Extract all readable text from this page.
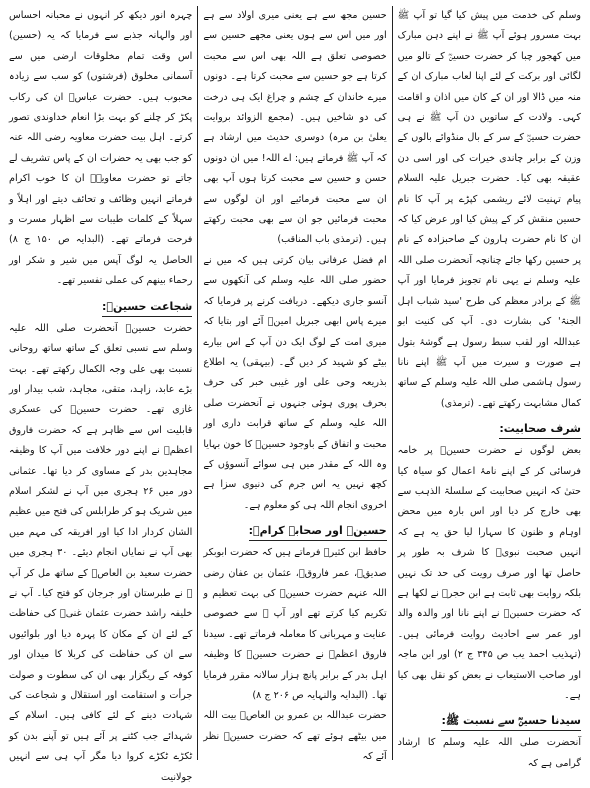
وسلم کی خدمت میں پیش کیا گیا تو آپ ﷺ بہت مسرور ہوئے آپ ﷺ نے اپنے دہن مبارک میں کھجور چبا کر حضرت حسینؓ کے تالو میں لگائی اور برکت کے لئے اپنا لعاب مبارک ان کے منہ میں ڈالا اور ان کے کان میں اذان و اقامت کہی۔ ولادت کے ساتویں دن آپ ﷺ نے ہی حضرت حسینؓ کے سر کے بال منڈوائے بالوں کے وزن کے برابر چاندی خیرات کی اور اسی دن عقیقہ بھی کیا۔ حضرت جبریل علیہ السلام پیام تہنیت لائے ریشمی کپڑے پر آپ کا نام حسین منقش کر کے پیش کیا اور عرض کیا کہ ان کا نام حضرت ہارون کے صاحبزادہ کے نام پر حسین رکھا جائے چنانچہ آنحضرت صلی اللہ علیہ وسلم نے یہی نام تجویز فرمایا اور آپ ﷺ کے برادر معظم کی طرح 'سید شباب اہل الجنۃ' کی بشارت دی۔ آپ کی کنیت ابو عبداللہ اور لقب سبط رسول ہے گوشۂ بتول ہے صورت و سیرت میں آپ ﷺ اپنے نانا رسول ہاشمی صلی اللہ علیہ وسلم کے ساتھ کمال مشابہت رکھتے تھے۔ (ترمذی)

شرف صحابیت:

بعض لوگوں نے حضرت حسینؓ پر خامہ فرسائی کر کے اپنے نامۂ اعمال کو سیاہ کیا حتیٰ کہ انہیں صحابیت کے سلسلۃ الذہب سے بھی خارج کر دیا اور اس بارہ میں محض اوہام و ظنون کا سہارا لیا حق یہ ہے کہ انہیں صحبت نبویؐ کا شرف بہ طور پر حاصل تھا اور صرف رویت کی حد تک نہیں بلکہ روایت بھی ثابت ہے ابن حجرؒ نے لکھا ہے کہ حضرت حسینؓ نے اپنے نانا اور والدہ والد اور عمر سے احادیث روایت فرمائی ہیں۔ (تہذیب احمد یب ص ۳۴۵ ج ۲) اور ابن ماجہ اور صاحب الاستیعاب نے بعض کو نقل بھی کیا ہے۔

سیدنا حسینؓ سے نسبت ﷺ:

آنحضرت صلی اللہ علیہ وسلم کا ارشاد گرامی ہے کہ

حسین مجھ سے ہے یعنی میری اولاد سے ہے اور میں اس سے ہوں یعنی مجھے حسین سے خصوصی تعلق ہے اللہ بھی اس سے محبت کرتا ہے جو حسین سے محبت کرتا ہے۔ دونوں میرے خاندان کے چشم و چراغ ایک ہی درخت کی دو شاخیں ہیں۔ (مجمع الزوائد بروایت یعلیٰ بن مرہ) دوسری حدیث میں ارشاد ہے کہ آپ ﷺ فرماتے ہیں: اے اللہ! میں ان دونوں حسن و حسین سے محبت کرتا ہوں آپ بھی ان سے محبت فرمائیے اور ان لوگوں سے محبت فرمائیں جو ان سے بھی محبت رکھتے ہیں۔ (ترمذی باب المناقب)

ام فضل عرفانی بیان کرتی ہیں کہ میں نے حضور صلی اللہ علیہ وسلم کی آنکھوں سے آنسو جاری دیکھے۔ دریافت کرنے پر فرمایا کہ میرے پاس ابھی جبریل امینؑ آئے اور بتایا کہ میری امت کے لوگ ایک دن آپ کے اس بیارے بیٹے کو شہید کر دیں گے۔ (بیہقی) یہ اطلاع بذریعہ وحی علی اور غیبی خبر کی حرف بحرف پوری ہوئی جنہوں نے آنحضرت صلی اللہ علیہ وسلم کے ساتھ قرابت داری اور محبت و اتفاق کے باوجود حسینؓ کا خون بہایا وہ اللہ کے مقدر میں ہی سوائے آنسوؤں کے کچھ نہیں یہ اس جرم کی دنیوی سزا ہے اخروی انجام اللہ ہی کو معلوم ہے۔

حسینؓ اور صحابہ کرامؓ:

حافظ ابن کثیرؒ فرماتے ہیں کہ حضرت ابوبکر صدیقؓ، عمر فاروقؓ، عثمان بن عفان رضی اللہ عنہم حضرت حسینؓ کی بہت تعظیم و تکریم کیا کرتے تھے اور آپ ﷺ سے خصوصی عنایت و مہربانی کا معاملہ فرماتے تھے۔ سیدنا فاروق اعظمؓ نے حضرت حسینؓ کا وظیفہ اہل بدر کے برابر پانچ ہزار سالانہ مقرر فرمایا تھا۔ (البدایہ والنہایہ ص ۲۰۶ ج ۸)

حضرت عبداللہ بن عمرو بن العاصؓ بیت اللہ میں بیٹھے ہوئے تھے کہ حضرت حسینؓ نظر آئے کہ

چہرہ انور دیکھ کر انہوں نے محبانہ احساس اور والہانہ جذبے سے فرمایا کہ یہ (حسین) اس وقت تمام مخلوقات ارضی میں سے آسمانی مخلوق (فرشتوں) کو سب سے زیادہ محبوب ہیں۔ حضرت عباسؓ ان کی رکاب پکڑ کر چلنے کو بہت بڑا انعام خداوندی تصور کرتے۔ اہل بیت حضرت معاویہ رضی اللہ عنہ کو جب بھی یہ حضرات ان کے پاس تشریف لے جاتے تو حضرت معاویہؓ ان کا خوب اکرام فرماتے انہیں وظائف و تحائف دیتے اور اہلاً و سہلاً کے کلمات طیبات سے اظہار مسرت و فرحت فرماتے تھے۔ (البدایہ ص ۱۵۰ ج ۸) الحاصل یہ لوگ آپس میں شیر و شکر اور رحماء بینھم کی عملی تفسیر تھے۔

شجاعت حسینؓ:

حضرت حسینؓ آنحضرت صلی اللہ علیہ وسلم سے نسبی تعلق کے ساتھ ساتھ روحانی نسبت بھی علی وجہ الکمال رکھتے تھے۔ بہت بڑے عابد، زاہد، متقی، مجاہد، شب بیدار اور غازی تھے۔ حضرت حسینؓ کی عسکری قابلیت اس سے ظاہر ہے کہ حضرت فاروق اعظمؓ نے اپنے دور خلافت میں آپ کا وظیفہ مجاہدین بدر کے مساوی کر دیا تھا۔ عثمانی دور میں ۲۶ ہجری میں آپ نے لشکر اسلام میں شریک ہو کر طرابلس کی فتح میں عظیم الشان کردار ادا کیا اور افریقہ کی مہم میں بھی آپ نے نمایاں انجام دیئے۔ ۳۰ ہجری میں حضرت سعید بن العاصؓ کے ساتھ مل کر آپ ﷺ نے طبرستان اور جرجان کو فتح کیا۔ آپ نے خلیفہ راشد حضرت عثمان غنیؓ کی حفاظت کے لئے ان کے مکان کا پہرہ دیا اور بلوائیوں سے ان کی حفاظت کی کربلا کا میدان اور کوفہ کے ریگزار بھی ان کی سطوت و صولت جرأت و استقامت اور استقلال و شجاعت کی شہادت دینے کے لئے کافی ہیں۔ اسلام کے شہدائے جب کٹنے پر آئے ہیں تو آپنے بدن کو ٹکڑے ٹکڑے کروا دیا مگر آپ ہی سے انہیں جولانیت
